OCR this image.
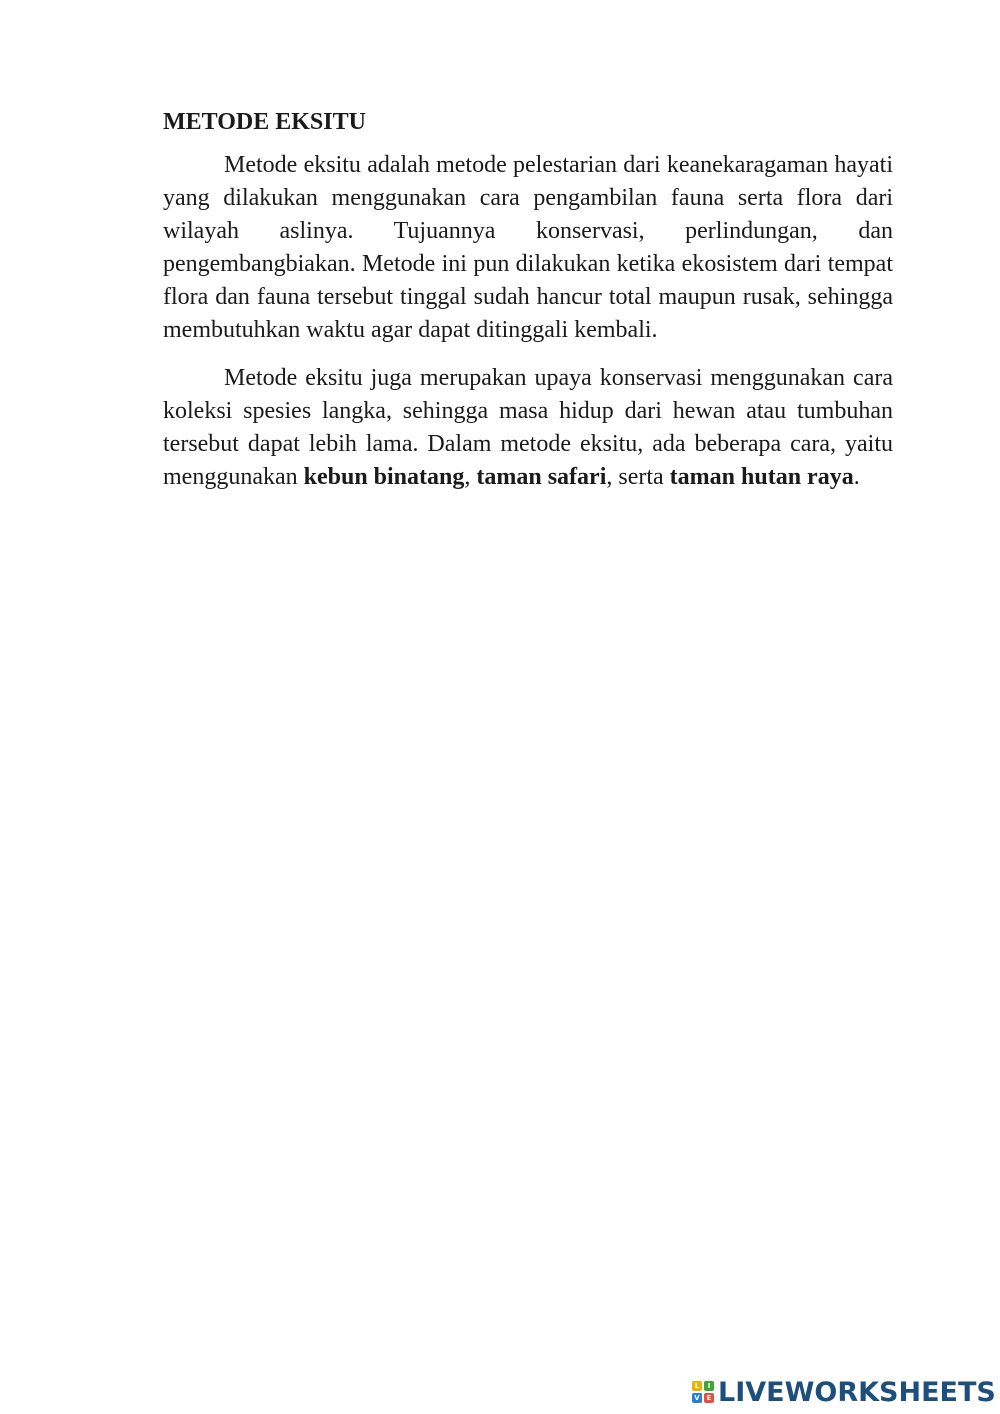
METODE EKSITU

Metode eksitu adalah metode pelestarian dari keanekaragaman hayati yang dilakukan menggunakan cara pengambilan fauna serta flora dari wilayah aslinya. Tujuannya konservasi, perlindungan, dan pengembangbiakan. Metode ini pun dilakukan ketika ekosistem dari tempat flora dan fauna tersebut tinggal sudah hancur total maupun rusak, sehingga membutuhkan waktu agar dapat ditinggali kembali.

Metode eksitu juga merupakan upaya konservasi menggunakan cara koleksi spesies langka, sehingga masa hidup dari hewan atau tumbuhan tersebut dapat lebih lama. Dalam metode eksitu, ada beberapa cara, yaitu menggunakan kebun binatang, taman safari, serta taman hutan raya.

L	I
V E LIVEWORKSHEETS
